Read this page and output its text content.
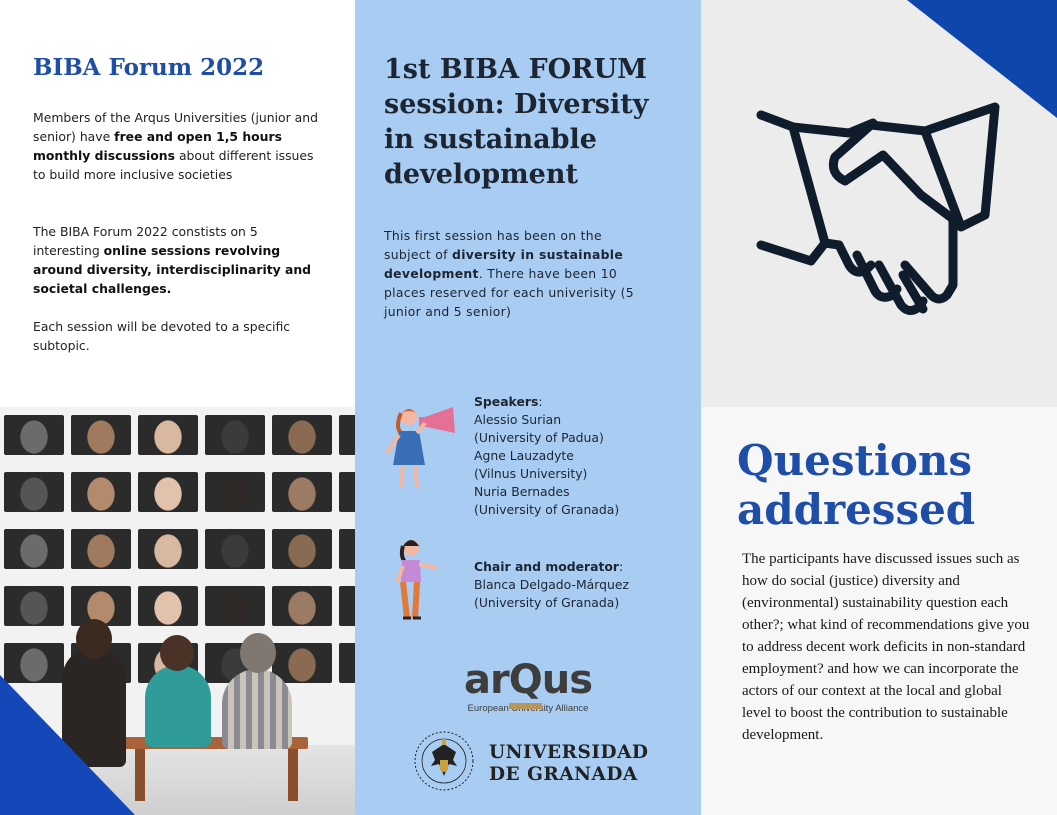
BIBA Forum 2022

Members of the Arqus Universities (junior and senior) have free and open 1,5 hours monthly discussions about different issues to build more inclusive societies

The BIBA Forum 2022 constists on 5 interesting online sessions revolving around diversity, interdisciplinarity and societal challenges.

Each session will be devoted to a specific subtopic.

1st BIBA FORUM session: Diversity in sustainable development

This first session has been on the subject of diversity in sustainable development. There have been 10 places reserved for each univerisity (5 junior and 5 senior)

Speakers:
Alessio Surian
(University of Padua)
Agne Lauzadyte
(Vilnus University)
Nuria Bernades
(University of Granada)
Chair and moderator:
Blanca Delgado-Márquez
(University of Granada)
arQus
European University Alliance
UNIVERSIDAD
DE GRANADA
Questions
addressed

The participants have discussed issues such as how do social (justice) diversity and (environmental) sustainability question each other?; what kind of recommendations give you to address decent work deficits in non-standard employment? and how we can incorporate the actors of our context at the local and global level to boost the contribution to sustainable development.
